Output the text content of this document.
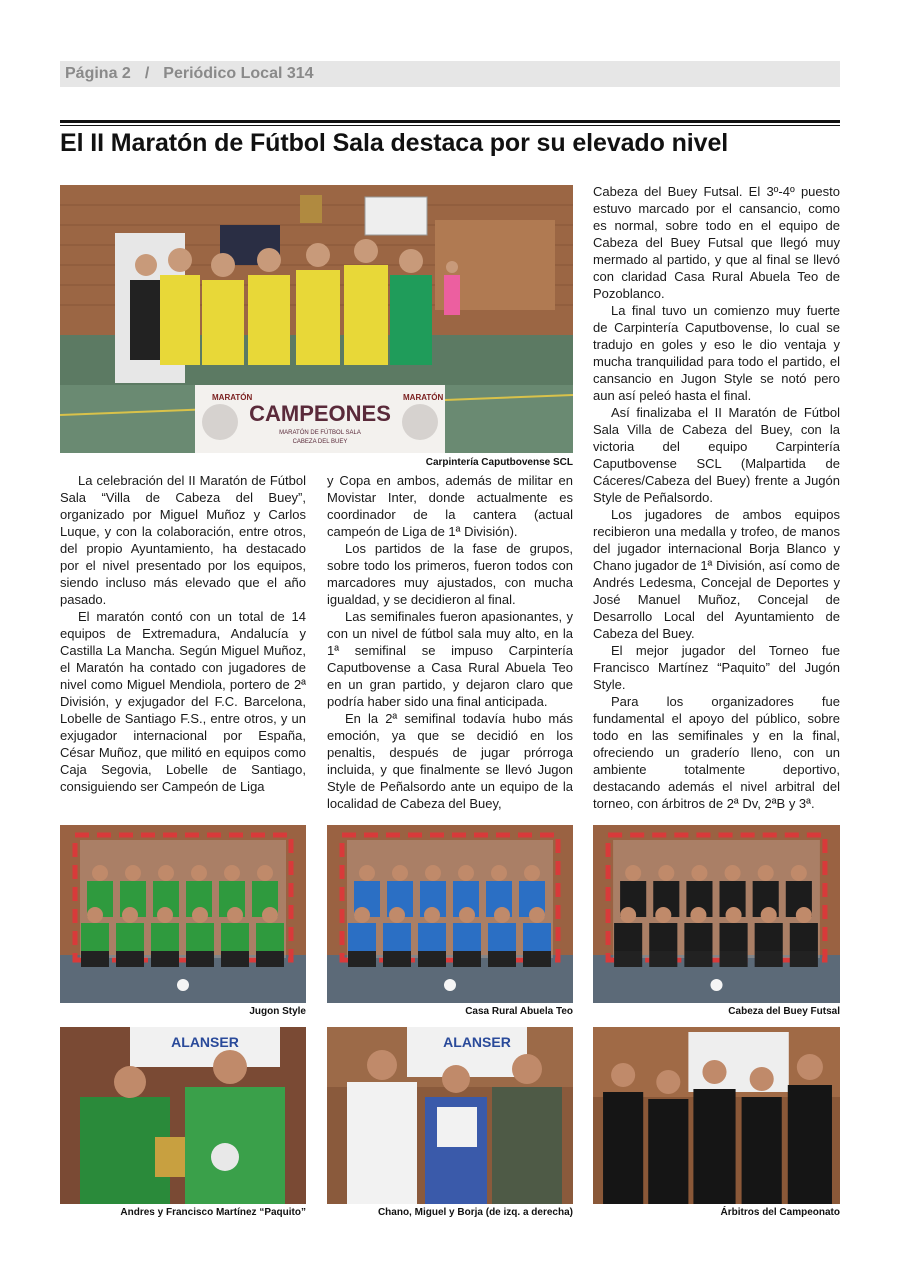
Página 2 / Periódico Local 314
El II Maratón de Fútbol Sala destaca por su elevado nivel
MARATÓN	MARATÓN
CAMPEONES
MARATÓN DE FÚTBOL SALA
CABEZA DEL BUEY
Carpintería Caputbovense SCL

La celebración del II Maratón de Fútbol Sala “Villa de Cabeza del Buey”, organizado por Miguel Muñoz y Carlos Luque, y con la colaboración, entre otros, del propio Ayuntamiento, ha destacado por el nivel presentado por los equipos, siendo incluso más elevado que el año pasado.

El maratón contó con un total de 14 equipos de Extremadura, Andalucía y Castilla La Mancha. Según Miguel Muñoz, el Maratón ha contado con jugadores de nivel como Miguel Mendiola, portero de 2ª División, y exjugador del F.C. Barcelona, Lobelle de Santiago F.S., entre otros, y un exjugador internacional por España, César Muñoz, que militó en equipos como Caja Segovia, Lobelle de Santiago, consiguiendo ser Campeón de Liga

y Copa en ambos, además de militar en Movistar Inter, donde actualmente es coordinador de la cantera (actual campeón de Liga de 1ª División).

Los partidos de la fase de grupos, sobre todo los primeros, fueron todos con marcadores muy ajustados, con mucha igualdad, y se decidieron al final.

Las semifinales fueron apasionantes, y con un nivel de fútbol sala muy alto, en la 1ª semifinal se impuso Carpintería Caputbovense a Casa Rural Abuela Teo en un gran partido, y dejaron claro que podría haber sido una final anticipada.

En la 2ª semifinal todavía hubo más emoción, ya que se decidió en los penaltis, después de jugar prórroga incluida, y que finalmente se llevó Jugon Style de Peñalsordo ante un equipo de la localidad de Cabeza del Buey,

Cabeza del Buey Futsal. El 3º-4º puesto estuvo marcado por el cansancio, como es normal, sobre todo en el equipo de Cabeza del Buey Futsal que llegó muy mermado al partido, y que al final se llevó con claridad Casa Rural Abuela Teo de Pozoblanco.

La final tuvo un comienzo muy fuerte de Carpintería Caputbovense, lo cual se tradujo en goles y eso le dio ventaja y mucha tranquilidad para todo el partido, el cansancio en Jugon Style se notó pero aun así peleó hasta el final.

Así finalizaba el II Maratón de Fútbol Sala Villa de Cabeza del Buey, con la victoria del equipo Carpintería Caputbovense SCL (Malpartida de Cáceres/Cabeza del Buey) frente a Jugón Style de Peñalsordo.

Los jugadores de ambos equipos recibieron una medalla y trofeo, de manos del jugador internacional Borja Blanco y Chano jugador de 1ª División, así como de Andrés Ledesma, Concejal de Deportes y José Manuel Muñoz, Concejal de Desarrollo Local del Ayuntamiento de Cabeza del Buey.

El mejor jugador del Torneo fue Francisco Martínez “Paquito” del Jugón Style.

Para los organizadores fue fundamental el apoyo del público, sobre todo en las semifinales y en la final, ofreciendo un graderío lleno, con un ambiente totalmente deportivo, destacando además el nivel arbitral del torneo, con árbitros de 2ª Dv, 2ªB y 3ª.

Jugon Style	Casa Rural Abuela Teo	Cabeza del Buey Futsal
ALANSER
Andres y Francisco Martínez “Paquito”
ALANSER
Chano, Miguel y Borja (de izq. a derecha)	Árbitros del Campeonato
